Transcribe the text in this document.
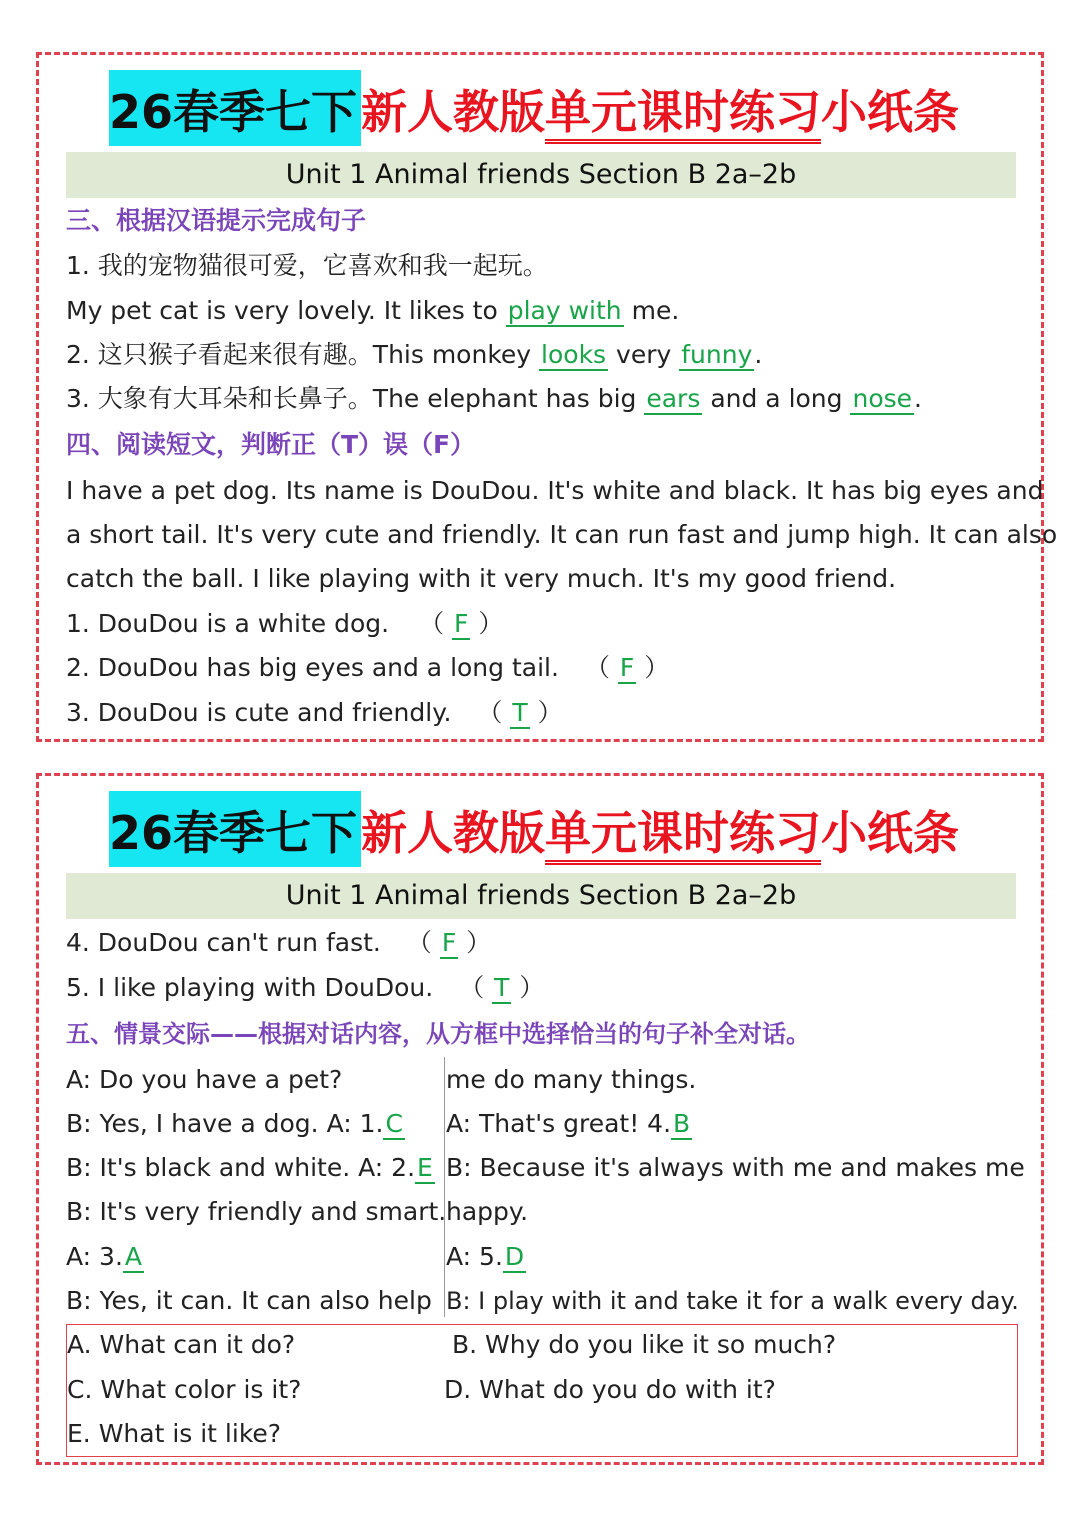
26春季七下 新人教版单元课时练习小纸条
Unit 1 Animal friends Section B 2a–2b
三、根据汉语提示完成句子
1. 我的宠物猫很可爱，它喜欢和我一起玩。
My pet cat is very lovely. It likes to play with me.
2. 这只猴子看起来很有趣。This monkey looks very funny.
3. 大象有大耳朵和长鼻子。The elephant has big ears and a long nose.
四、阅读短文，判断正（T）误（F）
I have a pet dog. Its name is DouDou. It's white and black. It has big eyes and
a short tail. It's very cute and friendly. It can run fast and jump high. It can also
catch the ball. I like playing with it very much. It's my good friend.
1. DouDou is a white dog. （ F ）
2. DouDou has big eyes and a long tail. （ F ）
3. DouDou is cute and friendly. （ T ）
26春季七下 新人教版单元课时练习小纸条
Unit 1 Animal friends Section B 2a–2b
4. DouDou can't run fast. （ F ）
5. I like playing with DouDou. （ T ）
五、情景交际——根据对话内容，从方框中选择恰当的句子补全对话。
A: Do you have a pet?
B: Yes, I have a dog. A: 1.C
B: It's black and white. A: 2.E
B: It's very friendly and smart.
A: 3.A
B: Yes, it can. It can also help
me do many things.
A: That's great! 4.B
B: Because it's always with me and makes me
happy.
A: 5.D
B: I play with it and take it for a walk every day.
A. What can it do?	B. Why do you like it so much?
C. What color is it?	D. What do you do with it?
E. What is it like?
